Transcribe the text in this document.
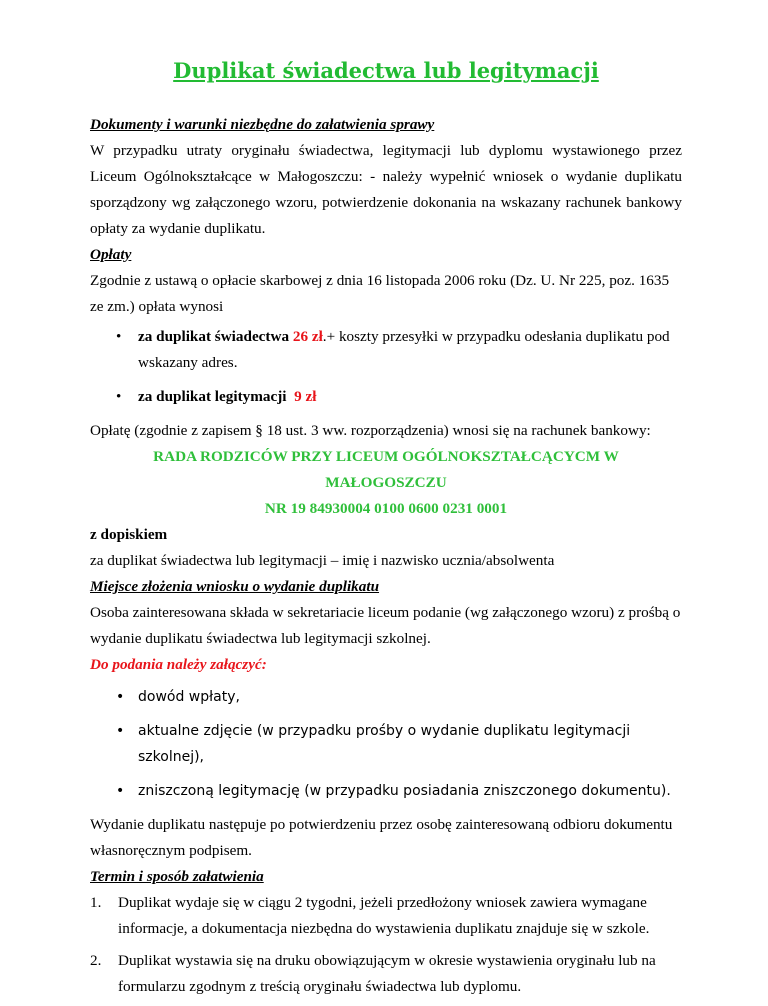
Duplikat świadectwa lub legitymacji

Dokumenty i warunki niezbędne do załatwienia sprawy

W przypadku utraty oryginału świadectwa, legitymacji lub dyplomu wystawionego przez Liceum Ogólnokształcące w Małogoszczu: - należy wypełnić wniosek o wydanie duplikatu sporządzony wg załączonego wzoru, potwierdzenie dokonania na wskazany rachunek bankowy opłaty za wydanie duplikatu.

Opłaty

Zgodnie z ustawą o opłacie skarbowej z dnia 16 listopada 2006 roku (Dz. U. Nr 225, poz. 1635 ze zm.) opłata wynosi

• za duplikat świadectwa 26 zł.+ koszty przesyłki w przypadku odesłania duplikatu pod wskazany adres.
• za duplikat legitymacji 9 zł

Opłatę (zgodnie z zapisem § 18 ust. 3 ww. rozporządzenia) wnosi się na rachunek bankowy:

RADA RODZICÓW PRZY LICEUM OGÓLNOKSZTAŁCĄCYCM W MAŁOGOSZCZU

NR 19 84930004 0100 0600 0231 0001

z dopiskiem

za duplikat świadectwa lub legitymacji – imię i nazwisko ucznia/absolwenta

Miejsce złożenia wniosku o wydanie duplikatu

Osoba zainteresowana składa w sekretariacie liceum podanie (wg załączonego wzoru) z prośbą o wydanie duplikatu świadectwa lub legitymacji szkolnej.

Do podania należy załączyć:

• dowód wpłaty,
• aktualne zdjęcie (w przypadku prośby o wydanie duplikatu legitymacji szkolnej),
• zniszczoną legitymację (w przypadku posiadania zniszczonego dokumentu).

Wydanie duplikatu następuje po potwierdzeniu przez osobę zainteresowaną odbioru dokumentu własnoręcznym podpisem.

Termin i sposób załatwienia

1. Duplikat wydaje się w ciągu 2 tygodni, jeżeli przedłożony wniosek zawiera wymagane informacje, a dokumentacja niezbędna do wystawienia duplikatu znajduje się w szkole.
2. Duplikat wystawia się na druku obowiązującym w okresie wystawienia oryginału lub na formularzu zgodnym z treścią oryginału świadectwa lub dyplomu.
